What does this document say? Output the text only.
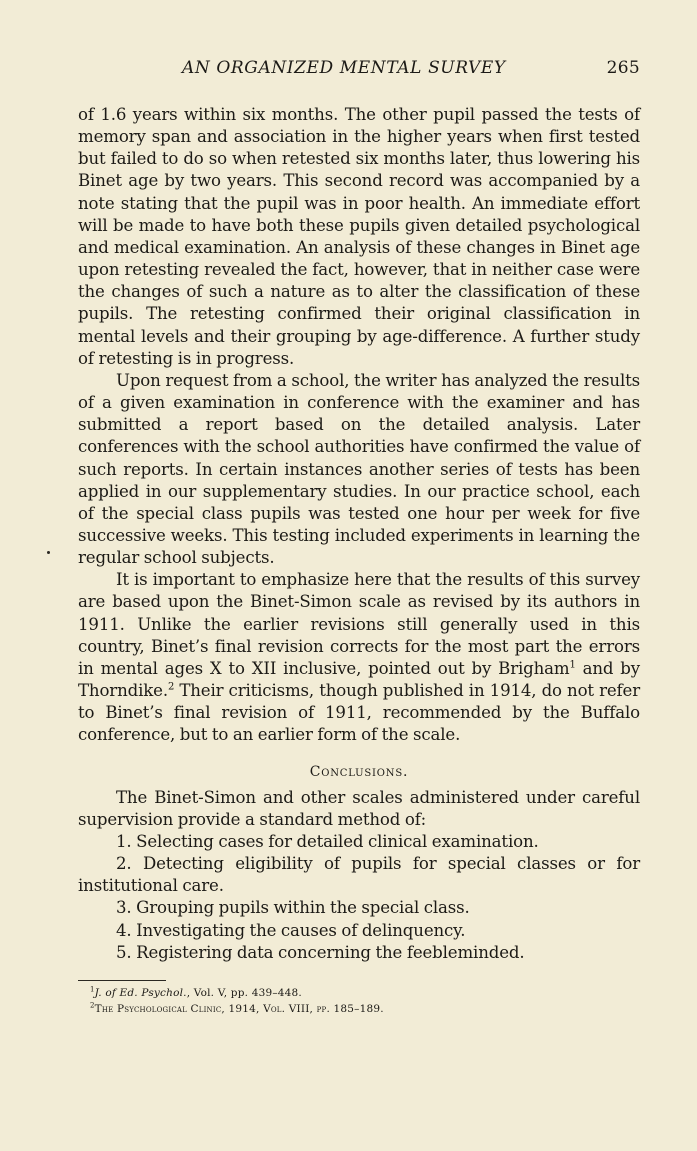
AN ORGANIZED MENTAL SURVEY	265

of 1.6 years within six months. The other pupil passed the tests of memory span and association in the higher years when first tested but failed to do so when retested six months later, thus lowering his Binet age by two years. This second record was accompanied by a note stating that the pupil was in poor health. An immediate effort will be made to have both these pupils given detailed psychological and medical examination. An analysis of these changes in Binet age upon retesting revealed the fact, however, that in neither case were the changes of such a nature as to alter the classification of these pupils. The retesting confirmed their original classification in mental levels and their grouping by age-difference. A further study of retesting is in progress.

Upon request from a school, the writer has analyzed the results of a given examination in conference with the examiner and has submitted a report based on the detailed analysis. Later conferences with the school authorities have confirmed the value of such reports. In certain instances another series of tests has been applied in our supplementary studies. In our practice school, each of the special class pupils was tested one hour per week for five successive weeks. This testing included experiments in learning the regular school subjects.

It is important to emphasize here that the results of this survey are based upon the Binet-Simon scale as revised by its authors in 1911. Unlike the earlier revisions still generally used in this country, Binet’s final revision corrects for the most part the errors in mental ages X to XII inclusive, pointed out by Brigham$^1$ and by Thorndike.$^2$ Their criticisms, though published in 1914, do not refer to Binet’s final revision of 1911, recommended by the Buffalo conference, but to an earlier form of the scale.

Conclusions.

The Binet-Simon and other scales administered under careful supervision provide a standard method of:

1. Selecting cases for detailed clinical examination.

2. Detecting eligibility of pupils for special classes or for institutional care.

3. Grouping pupils within the special class.

4. Investigating the causes of delinquency.

5. Registering data concerning the feebleminded.

$^1$J. of Ed. Psychol., Vol. V, pp. 439–448.
$^2$The Psychological Clinic, 1914, Vol. VIII, pp. 185–189.
